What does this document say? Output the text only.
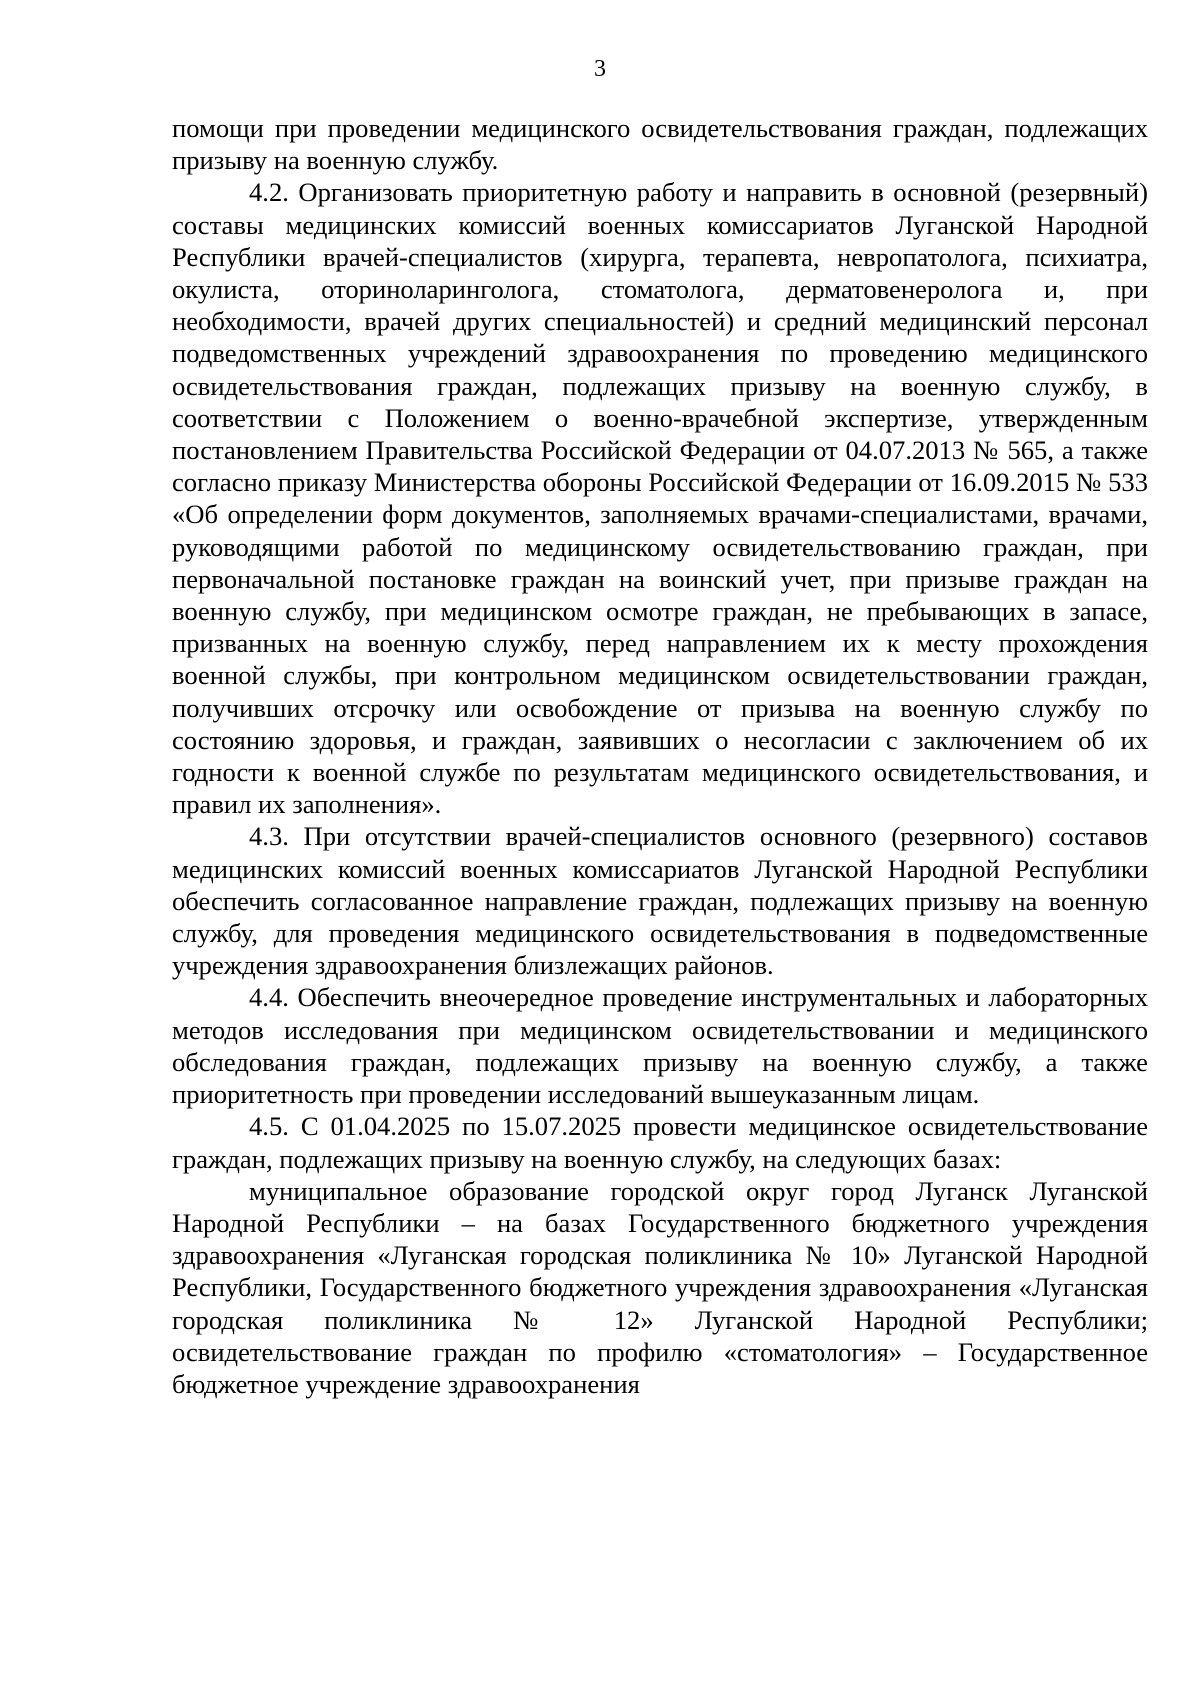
3

помощи при проведении медицинского освидетельствования граждан, подлежащих призыву на военную службу.

4.2. Организовать приоритетную работу и направить в основной (резервный) составы медицинских комиссий военных комиссариатов Луганской Народной Республики врачей-специалистов (хирурга, терапевта, невропатолога, психиатра, окулиста, оториноларинголога, стоматолога, дерматовенеролога и, при необходимости, врачей других специальностей) и средний медицинский персонал подведомственных учреждений здравоохранения по проведению медицинского освидетельствования граждан, подлежащих призыву на военную службу, в соответствии с Положением о военно-врачебной экспертизе, утвержденным постановлением Правительства Российской Федерации от 04.07.2013 № 565, а также согласно приказу Министерства обороны Российской Федерации от 16.09.2015 № 533 «Об определении форм документов, заполняемых врачами-специалистами, врачами, руководящими работой по медицинскому освидетельствованию граждан, при первоначальной постановке граждан на воинский учет, при призыве граждан на военную службу, при медицинском осмотре граждан, не пребывающих в запасе, призванных на военную службу, перед направлением их к месту прохождения военной службы, при контрольном медицинском освидетельствовании граждан, получивших отсрочку или освобождение от призыва на военную службу по состоянию здоровья, и граждан, заявивших о несогласии с заключением об их годности к военной службе по результатам медицинского освидетельствования, и правил их заполнения».

4.3. При отсутствии врачей-специалистов основного (резервного) составов медицинских комиссий военных комиссариатов Луганской Народной Республики обеспечить согласованное направление граждан, подлежащих призыву на военную службу, для проведения медицинского освидетельствования в подведомственные учреждения здравоохранения близлежащих районов.

4.4. Обеспечить внеочередное проведение инструментальных и лабораторных методов исследования при медицинском освидетельствовании и медицинского обследования граждан, подлежащих призыву на военную службу, а также приоритетность при проведении исследований вышеуказанным лицам.

4.5. С 01.04.2025 по 15.07.2025 провести медицинское освидетельствование граждан, подлежащих призыву на военную службу, на следующих базах:

муниципальное образование городской округ город Луганск Луганской Народной Республики – на базах Государственного бюджетного учреждения здравоохранения «Луганская городская поликлиника № 10» Луганской Народной Республики, Государственного бюджетного учреждения здравоохранения «Луганская городская поликлиника № 12» Луганской Народной Республики; освидетельствование граждан по профилю «стоматология» – Государственное бюджетное учреждение здравоохранения
